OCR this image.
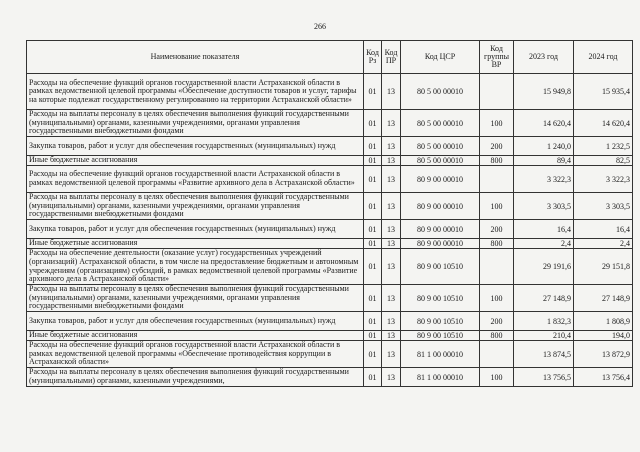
266
Наименование показателя	Код Рз	Код ПР	Код ЦСР	Код группы ВР	2023 год	2024 год
Расходы на обеспечение функций органов государственной власти Астраханской области в рамках ведомственной целевой программы «Обеспечение доступности товаров и услуг, тарифы на которые подлежат государственному регулированию на территории Астраханской области»	01	13	80 5 00 00010		15 949,8	15 935,4
Расходы на выплаты персоналу в целях обеспечения выполнения функций государственными (муниципальными) органами, казенными учреждениями, органами управления государственными внебюджетными фондами	01	13	80 5 00 00010	100	14 620,4	14 620,4
Закупка товаров, работ и услуг для обеспечения государственных (муниципальных) нужд	01	13	80 5 00 00010	200	1 240,0	1 232,5
Иные бюджетные ассигнования	01	13	80 5 00 00010	800	89,4	82,5
Расходы на обеспечение функций органов государственной власти Астраханской области в рамках ведомственной целевой программы «Развитие архивного дела в Астраханской области»	01	13	80 9 00 00010		3 322,3	3 322,3
Расходы на выплаты персоналу в целях обеспечения выполнения функций государственными (муниципальными) органами, казенными учреждениями, органами управления государственными внебюджетными фондами	01	13	80 9 00 00010	100	3 303,5	3 303,5
Закупка товаров, работ и услуг для обеспечения государственных (муниципальных) нужд	01	13	80 9 00 00010	200	16,4	16,4
Иные бюджетные ассигнования	01	13	80 9 00 00010	800	2,4	2,4
Расходы на обеспечение деятельности (оказание услуг) государственных учреждений (организаций) Астраханской области, в том числе на предоставление бюджетным и автономным учреждениям (организациям) субсидий, в рамках ведомственной целевой программы «Развитие архивного дела в Астраханской области»	01	13	80 9 00 10510		29 191,6	29 151,8
Расходы на выплаты персоналу в целях обеспечения выполнения функций государственными (муниципальными) органами, казенными учреждениями, органами управления государственными внебюджетными фондами	01	13	80 9 00 10510	100	27 148,9	27 148,9
Закупка товаров, работ и услуг для обеспечения государственных (муниципальных) нужд	01	13	80 9 00 10510	200	1 832,3	1 808,9
Иные бюджетные ассигнования	01	13	80 9 00 10510	800	210,4	194,0
Расходы на обеспечение функций органов государственной власти Астраханской области в рамках ведомственной целевой программы «Обеспечение противодействия коррупции в Астраханской области»	01	13	81 1 00 00010		13 874,5	13 872,9
Расходы на выплаты персоналу в целях обеспечения выполнения функций государственными (муниципальными) органами, казенными учреждениями,	01	13	81 1 00 00010	100	13 756,5	13 756,4
